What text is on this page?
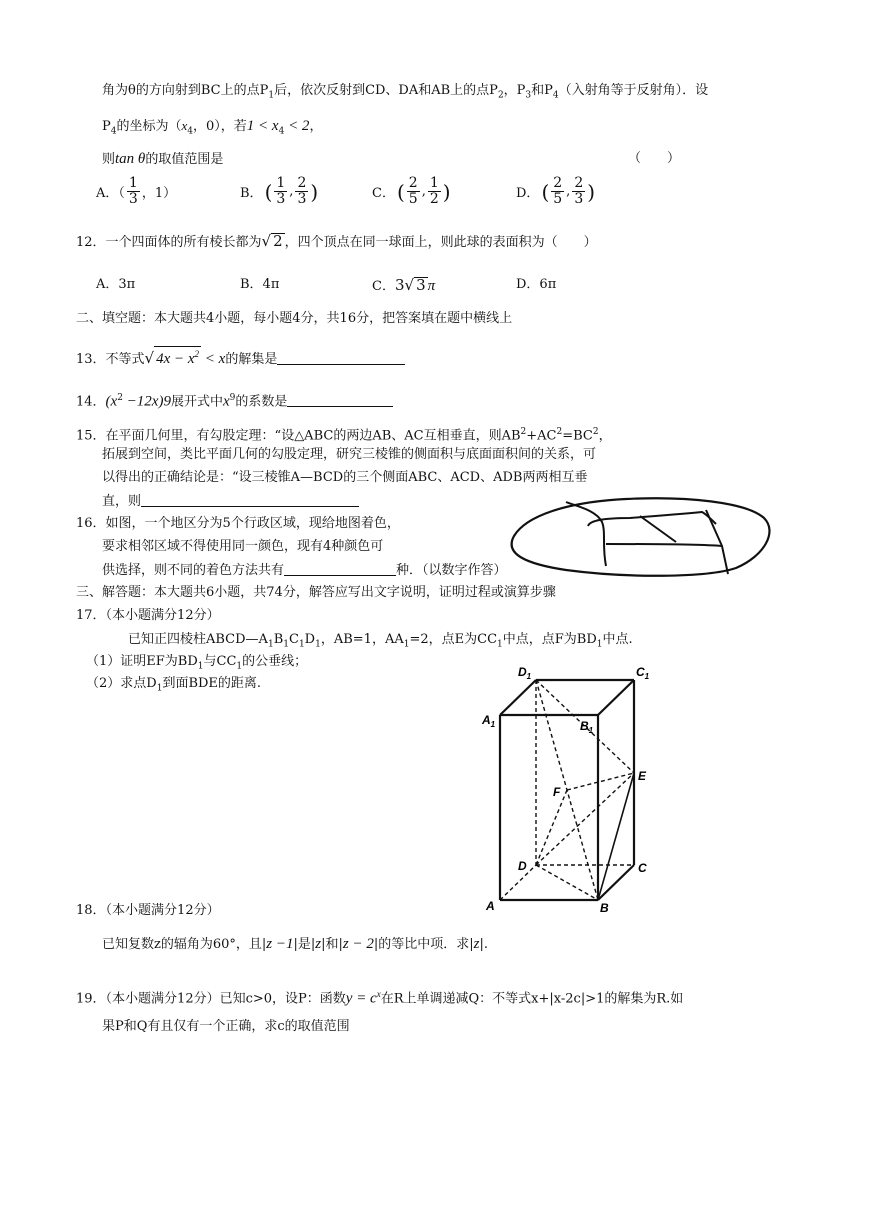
角为θ的方向射到BC上的点$P_1$后，依次反射到CD、DA和AB上的点$P_2$，$P_3$和$P_4$（入射角等于反射角）．设
$P_4$的坐标为（$x_4$，0），若$1 < x_4 < 2$，
则tan θ的取值范围是	（　　）
A．（ $\frac{1}{3}$ ，1）	B． ( $\frac{1}{3}$ , $\frac{2}{3}$ )	C． ( $\frac{2}{5}$ , $\frac{1}{2}$ )	D． ( $\frac{2}{5}$ , $\frac{2}{3}$ )
12．一个四面体的所有棱长都为√ 2 ，四个顶点在同一球面上，则此球的表面积为（　　）
A．3π	B．4π	C．3√ 3 π	D．6π
二、填空题：本大题共4小题，每小题4分，共16分，把答案填在题中横线上
13．不等式√ $4x - x^2 < x$的解集是
14．$(x^2 -12x)9$展开式中$x^9$的系数是
15．在平面几何里，有勾股定理：“设△ABC的两边AB、AC互相垂直，则$AB^2+AC^2=BC^2$，
拓展到空间，类比平面几何的勾股定理，研究三棱锥的侧面积与底面面积间的关系，可
以得出的正确结论是：“设三棱锥A—BCD的三个侧面ABC、ACD、ADB两两相互垂
直，则
16．如图，一个地区分为5个行政区域，现给地图着色，
要求相邻区域不得使用同一颜色，现有4种颜色可
供选择，则不同的着色方法共有	种．（以数字作答）
三、解答题：本大题共6小题，共74分，解答应写出文字说明，证明过程或演算步骤
17．（本小题满分12分）
已知正四棱柱$ABCD—A_1B_1C_1D_1$，AB=1，$AA_1=2$，点E为$CC_1$中点，点F为$BD_1$中点.
（1）证明EF为$BD_1$与$CC_1$的公垂线；
（2）求点$D_1$到面BDE的距离.
$D_1$	$C_1$
$A_1$	$B_1$
E
F
D	C
A	B
18．（本小题满分12分）
已知复数z的辐角为60°，且|z −1|是|z|和|z − 2|的等比中项．求|z|.
19．（本小题满分12分）已知c>0，设P：函数$y = c^x$在R上单调递减Q：不等式x+|x-2c|>1的解集为R.如
果P和Q有且仅有一个正确，求c的取值范围
